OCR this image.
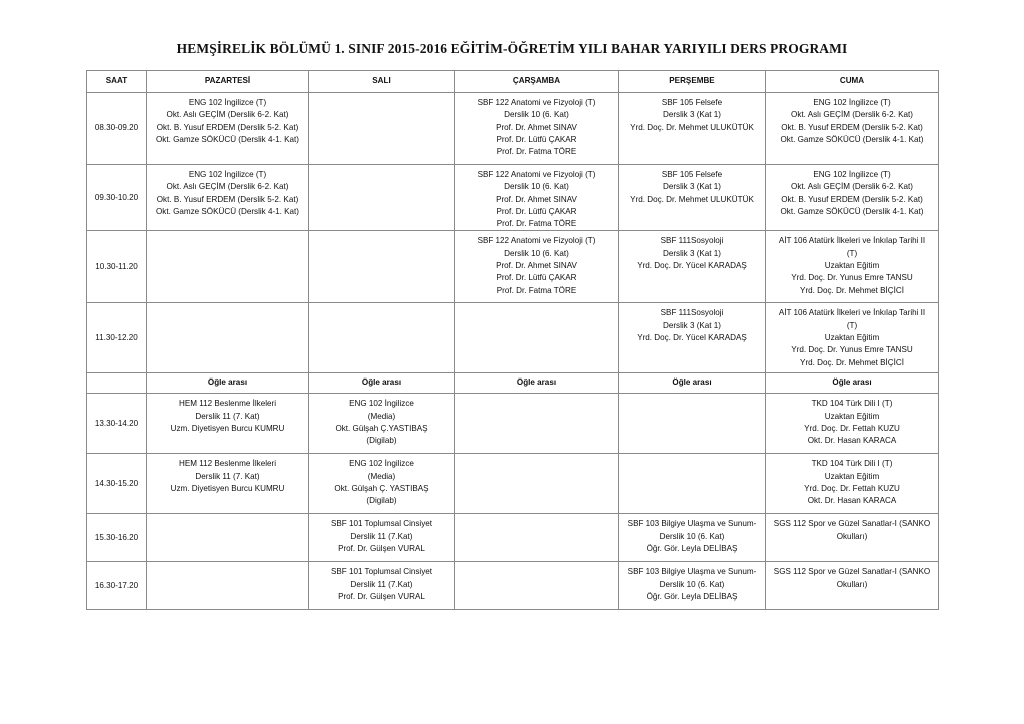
HEMŞİRELİK BÖLÜMÜ 1. SINIF 2015-2016 EĞİTİM-ÖĞRETİM YILI BAHAR YARIYILI DERS PROGRAMI
SAAT	PAZARTESİ	SALI	ÇARŞAMBA	PERŞEMBE	CUMA
08.30-09.20	ENG 102 İngilizce (T)
Okt. Aslı GEÇİM (Derslik 6-2. Kat)
Okt. B. Yusuf ERDEM (Derslik 5-2. Kat)
Okt. Gamze SÖKÜCÜ (Derslik 4-1. Kat)		SBF 122 Anatomi ve Fizyoloji (T)
Derslik 10 (6. Kat)
Prof. Dr. Ahmet SINAV
Prof. Dr. Lütfü ÇAKAR
Prof. Dr. Fatma TÖRE	SBF 105 Felsefe
Derslik 3 (Kat 1)
Yrd. Doç. Dr. Mehmet ULUKÜTÜK	ENG 102 İngilizce (T)
Okt. Aslı GEÇİM (Derslik 6-2. Kat)
Okt. B. Yusuf ERDEM (Derslik 5-2. Kat)
Okt. Gamze SÖKÜCÜ (Derslik 4-1. Kat)

09.30-10.20	ENG 102 İngilizce (T)
Okt. Aslı GEÇİM (Derslik 6-2. Kat)
Okt. B. Yusuf ERDEM (Derslik 5-2. Kat)
Okt. Gamze SÖKÜCÜ (Derslik 4-1. Kat)		SBF 122 Anatomi ve Fizyoloji (T)
Derslik 10 (6. Kat)
Prof. Dr. Ahmet SINAV
Prof. Dr. Lütfü ÇAKAR
Prof. Dr. Fatma TÖRE	SBF 105 Felsefe
Derslik 3 (Kat 1)
Yrd. Doç. Dr. Mehmet ULUKÜTÜK	ENG 102 İngilizce (T)
Okt. Aslı GEÇİM (Derslik 6-2. Kat)
Okt. B. Yusuf ERDEM (Derslik 5-2. Kat)
Okt. Gamze SÖKÜCÜ (Derslik 4-1. Kat)

10.30-11.20			SBF 122 Anatomi ve Fizyoloji (T)
Derslik 10 (6. Kat)
Prof. Dr. Ahmet SINAV
Prof. Dr. Lütfü ÇAKAR
Prof. Dr. Fatma TÖRE	SBF 111Sosyoloji
Derslik 3 (Kat 1)
Yrd. Doç. Dr. Yücel KARADAŞ	AİT 106 Atatürk İlkeleri ve İnkılap Tarihi II
(T)
Uzaktan Eğitim
Yrd. Doç. Dr. Yunus Emre TANSU
Yrd. Doç. Dr. Mehmet BİÇİCİ

11.30-12.20				SBF 111Sosyoloji
Derslik 3 (Kat 1)
Yrd. Doç. Dr. Yücel KARADAŞ	AİT 106 Atatürk İlkeleri ve İnkılap Tarihi II
(T)
Uzaktan Eğitim
Yrd. Doç. Dr. Yunus Emre TANSU
Yrd. Doç. Dr. Mehmet BİÇİCİ

	Öğle arası	Öğle arası	Öğle arası	Öğle arası	Öğle arası

13.30-14.20	HEM 112 Beslenme İlkeleri
Derslik 11 (7. Kat)
Uzm. Diyetisyen Burcu KUMRU	ENG 102 İngilizce
(Media)
Okt. Gülşah Ç.YASTIBAŞ
(Digilab)			TKD 104 Türk Dili I (T)
Uzaktan Eğitim
Yrd. Doç. Dr. Fettah KUZU
Okt. Dr. Hasan KARACA

14.30-15.20	HEM 112 Beslenme İlkeleri
Derslik 11 (7. Kat)
Uzm. Diyetisyen Burcu KUMRU	ENG 102 İngilizce
(Media)
Okt. Gülşah Ç. YASTIBAŞ
(Digilab)			TKD 104 Türk Dili I (T)
Uzaktan Eğitim
Yrd. Doç. Dr. Fettah KUZU
Okt. Dr. Hasan KARACA

15.30-16.20		SBF 101 Toplumsal Cinsiyet
Derslik 11 (7.Kat)
Prof. Dr. Gülşen VURAL		SBF 103 Bilgiye Ulaşma ve Sunum-
Derslik 10 (6. Kat)
Öğr. Gör. Leyla DELİBAŞ	SGS 112 Spor ve Güzel Sanatlar-I (SANKO
Okulları)

16.30-17.20		SBF 101 Toplumsal Cinsiyet
Derslik 11 (7.Kat)
Prof. Dr. Gülşen VURAL		SBF 103 Bilgiye Ulaşma ve Sunum-
Derslik 10 (6. Kat)
Öğr. Gör. Leyla DELİBAŞ	SGS 112 Spor ve Güzel Sanatlar-I (SANKO
Okulları)
